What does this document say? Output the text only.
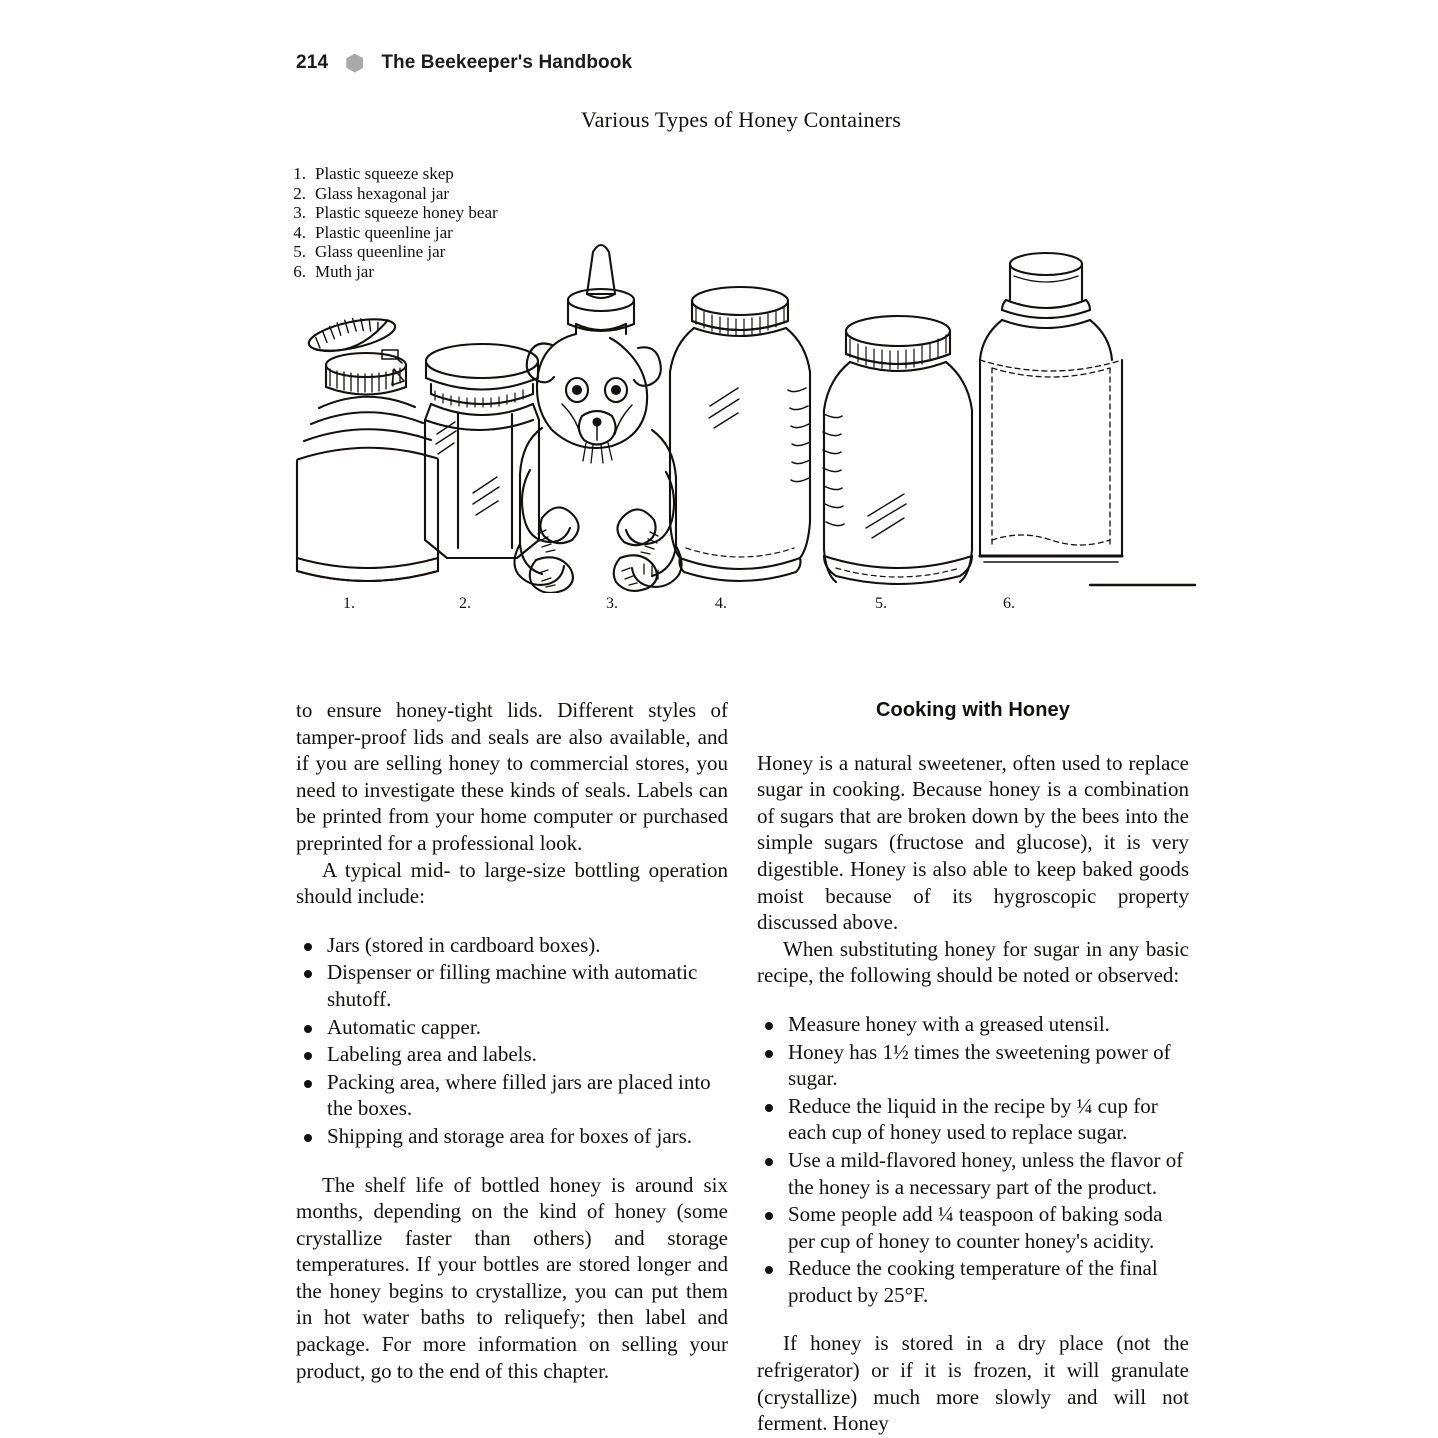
214	The Beekeeper's Handbook
Various Types of Honey Containers
1. Plastic squeeze skep
2. Glass hexagonal jar
3. Plastic squeeze honey bear
4. Plastic queenline jar
5. Glass queenline jar
6. Muth jar
1.	2.	3.	4.	5.	6.

to ensure honey-tight lids. Different styles of tamper-proof lids and seals are also available, and if you are selling honey to commercial stores, you need to investigate these kinds of seals. Labels can be printed from your home computer or purchased preprinted for a professional look.

A typical mid- to large-size bottling operation should include:

Jars (stored in cardboard boxes).
Dispenser or filling machine with automatic shutoff.
Automatic capper.
Labeling area and labels.
Packing area, where filled jars are placed into the boxes.
Shipping and storage area for boxes of jars.

The shelf life of bottled honey is around six months, depending on the kind of honey (some crystallize faster than others) and storage temperatures. If your bottles are stored longer and the honey begins to crystallize, you can put them in hot water baths to reliquefy; then label and package. For more information on selling your product, go to the end of this chapter.

Cooking with Honey

Honey is a natural sweetener, often used to replace sugar in cooking. Because honey is a combination of sugars that are broken down by the bees into the simple sugars (fructose and glucose), it is very digestible. Honey is also able to keep baked goods moist because of its hygroscopic property discussed above.

When substituting honey for sugar in any basic recipe, the following should be noted or observed:

Measure honey with a greased utensil.
Honey has 1½ times the sweetening power of sugar.
Reduce the liquid in the recipe by ¼ cup for each cup of honey used to replace sugar.
Use a mild-flavored honey, unless the flavor of the honey is a necessary part of the product.
Some people add ¼ teaspoon of baking soda per cup of honey to counter honey's acidity.
Reduce the cooking temperature of the final product by 25°F.

If honey is stored in a dry place (not the refrigerator) or if it is frozen, it will granulate (crystallize) much more slowly and will not ferment. Honey
